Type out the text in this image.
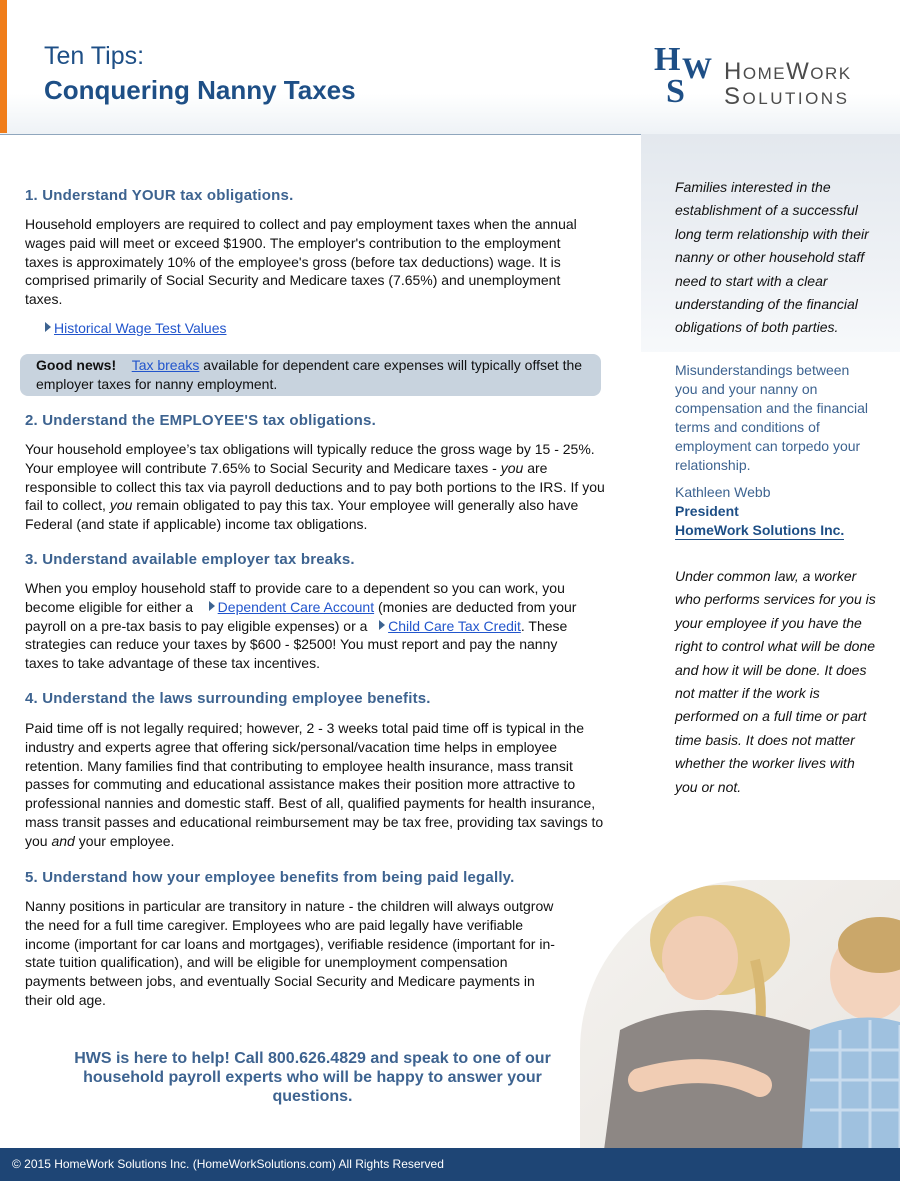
Ten Tips:
Conquering Nanny Taxes
H W
S
HOMEWORK
SOLUTIONS
Families interested in the establishment of a successful long term relationship with their nanny or other household staff need to start with a clear understanding of the financial obligations of both parties.
Misunderstandings between you and your nanny on compensation and the financial terms and conditions of employment can torpedo your relationship.
Kathleen Webb
President
HomeWork Solutions Inc.
Under common law, a worker who performs services for you is your employee if you have the right to control what will be done and how it will be done. It does not matter if the work is performed on a full time or part time basis. It does not matter whether the worker lives with you or not.
1. Understand YOUR tax obligations.
Household employers are required to collect and pay employment taxes when the annual wages paid will meet or exceed $1900. The employer's contribution to the employment taxes is approximately 10% of the employee's gross (before tax deductions) wage. It is comprised primarily of Social Security and Medicare taxes (7.65%) and unemployment taxes.
Historical Wage Test Values
Good news! Tax breaks available for dependent care expenses will typically offset the employer taxes for nanny employment.
2. Understand the EMPLOYEE'S tax obligations.
Your household employee’s tax obligations will typically reduce the gross wage by 15 - 25%. Your employee will contribute 7.65% to Social Security and Medicare taxes - you are responsible to collect this tax via payroll deductions and to pay both portions to the IRS. If you fail to collect, you remain obligated to pay this tax. Your employee will generally also have Federal (and state if applicable) income tax obligations.
3. Understand available employer tax breaks.
When you employ household staff to provide care to a dependent so you can work, you become eligible for either a    Dependent Care Account (monies are deducted from your payroll on a pre-tax basis to pay eligible expenses) or a   Child Care Tax Credit. These strategies can reduce your taxes by $600 - $2500! You must report and pay the nanny taxes to take advantage of these tax incentives.
4. Understand the laws surrounding employee benefits.
Paid time off is not legally required; however, 2 - 3 weeks total paid time off is typical in the industry and experts agree that offering sick/personal/vacation time helps in employee retention. Many families find that contributing to employee health insurance, mass transit passes for commuting and educational assistance makes their position more attractive to professional nannies and domestic staff. Best of all, qualified payments for health insurance, mass transit passes and educational reimbursement may be tax free, providing tax savings to you and your employee.
5. Understand how your employee benefits from being paid legally.
Nanny positions in particular are transitory in nature - the children will always outgrow the need for a full time caregiver. Employees who are paid legally have verifiable income (important for car loans and mortgages), verifiable residence (important for in-state tuition qualification), and will be eligible for unemployment compensation payments between jobs, and eventually Social Security and Medicare payments in their old age.
HWS is here to help! Call 800.626.4829 and speak to one of our household payroll experts who will be happy to answer your questions.
© 2015 HomeWork Solutions Inc. (HomeWorkSolutions.com) All Rights Reserved
